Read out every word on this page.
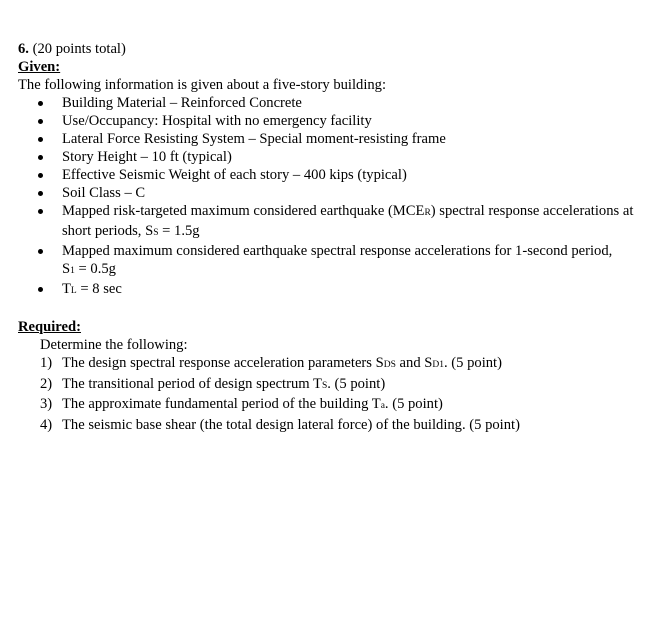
6. (20 points total)
Given:
The following information is given about a five-story building:
Building Material – Reinforced Concrete
Use/Occupancy: Hospital with no emergency facility
Lateral Force Resisting System – Special moment-resisting frame
Story Height – 10 ft (typical)
Effective Seismic Weight of each story – 400 kips (typical)
Soil Class – C
Mapped risk-targeted maximum considered earthquake (MCER) spectral response accelerations at
short periods, SS = 1.5g
Mapped maximum considered earthquake spectral response accelerations for 1-second period,
S1 = 0.5g
TL = 8 sec
Required:
Determine the following:
1) The design spectral response acceleration parameters SDS and SD1. (5 point)
2) The transitional period of design spectrum TS. (5 point)
3) The approximate fundamental period of the building Ta. (5 point)
4) The seismic base shear (the total design lateral force) of the building. (5 point)
